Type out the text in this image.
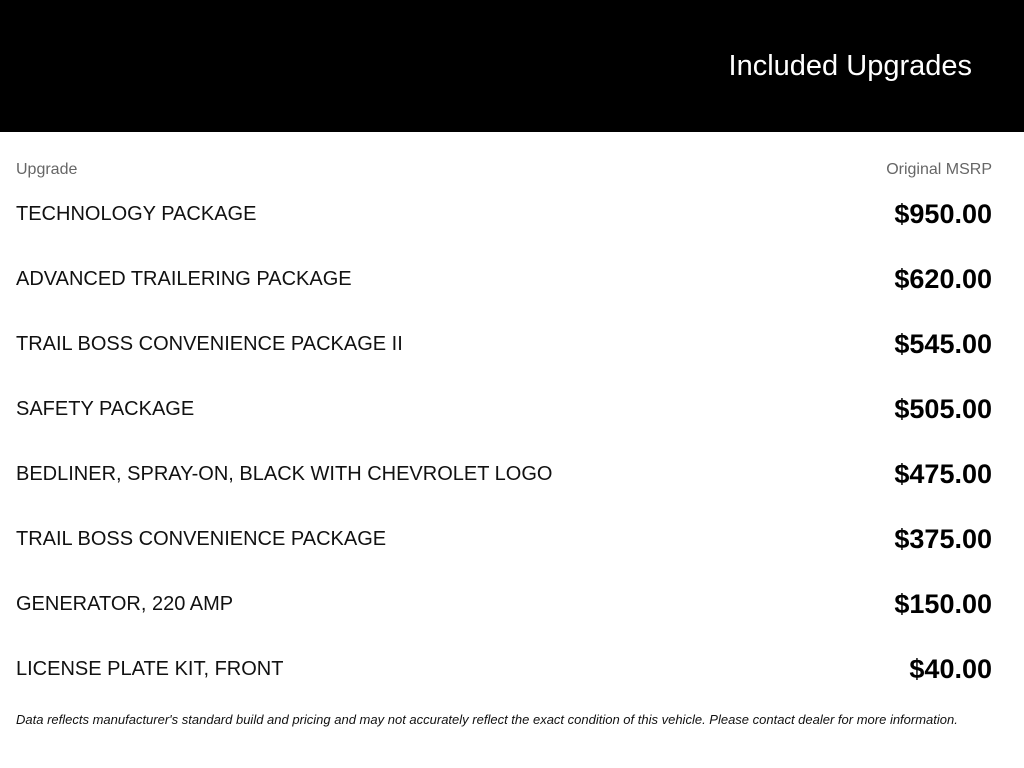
Included Upgrades
Upgrade	Original MSRP
TECHNOLOGY PACKAGE	$950.00
ADVANCED TRAILERING PACKAGE	$620.00
TRAIL BOSS CONVENIENCE PACKAGE II	$545.00
SAFETY PACKAGE	$505.00
BEDLINER, SPRAY-ON, BLACK WITH CHEVROLET LOGO	$475.00
TRAIL BOSS CONVENIENCE PACKAGE	$375.00
GENERATOR, 220 AMP	$150.00
LICENSE PLATE KIT, FRONT	$40.00
Data reflects manufacturer's standard build and pricing and may not accurately reflect the exact condition of this vehicle. Please contact dealer for more information.
